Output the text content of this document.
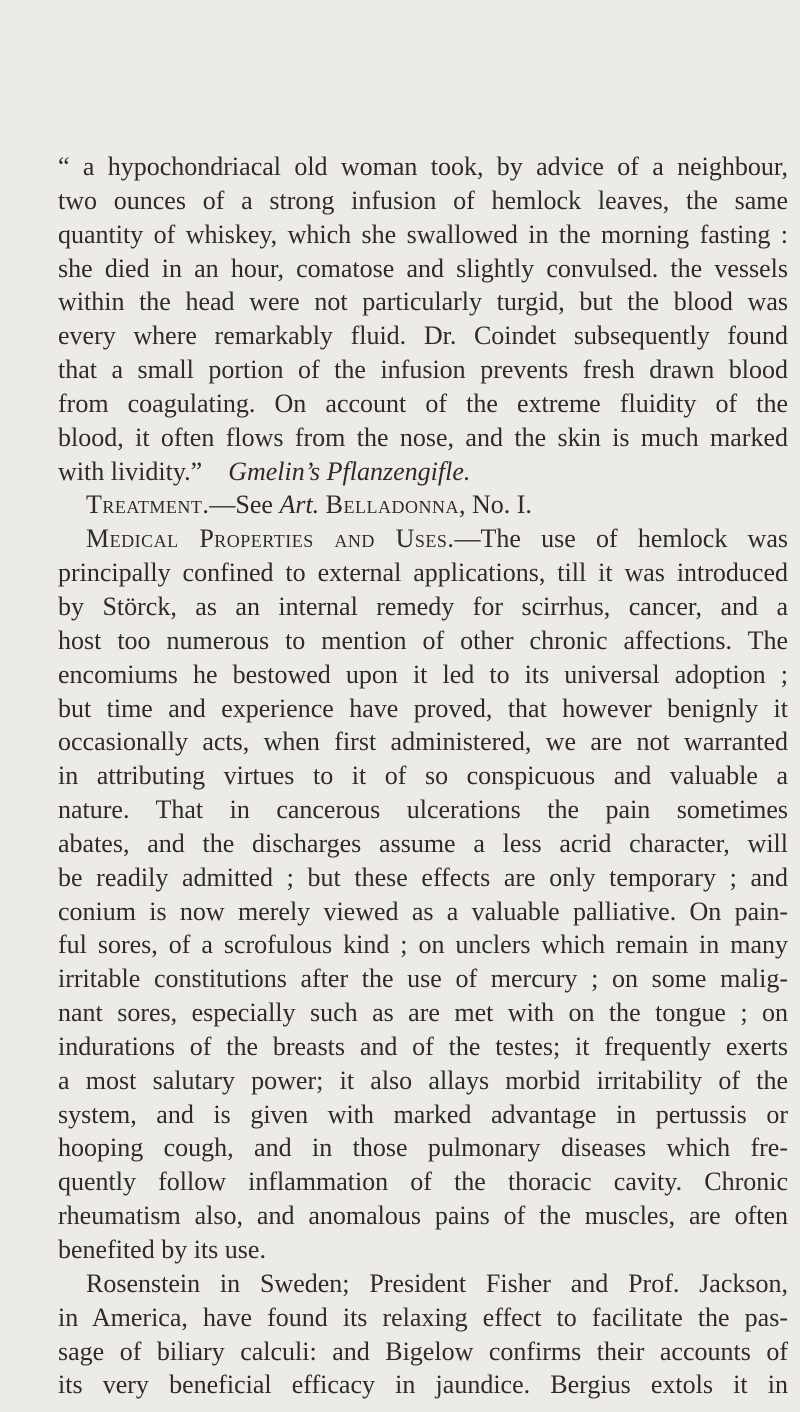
“ a hypochondriacal old woman took, by advice of a neighbour,
two ounces of a strong infusion of hemlock leaves, the same
quantity of whiskey, which she swallowed in the morning fasting :
she died in an hour, comatose and slightly convulsed. the vessels
within the head were not particularly turgid, but the blood was
every where remarkably fluid. Dr. Coindet subsequently found
that a small portion of the infusion prevents fresh drawn blood
from coagulating. On account of the extreme fluidity of the
blood, it often flows from the nose, and the skin is much marked
with lividity.” Gmelin’s Pflanzengifle.
Treatment.—See Art. Belladonna, No. I.
Medical Properties and Uses.—The use of hemlock was
principally confined to external applications, till it was introduced
by Störck, as an internal remedy for scirrhus, cancer, and a
host too numerous to mention of other chronic affections. The
encomiums he bestowed upon it led to its universal adoption ;
but time and experience have proved, that however benignly it
occasionally acts, when first administered, we are not warranted
in attributing virtues to it of so conspicuous and valuable a
nature. That in cancerous ulcerations the pain sometimes
abates, and the discharges assume a less acrid character, will
be readily admitted ; but these effects are only temporary ; and
conium is now merely viewed as a valuable palliative. On pain-
ful sores, of a scrofulous kind ; on unclers which remain in many
irritable constitutions after the use of mercury ; on some malig-
nant sores, especially such as are met with on the tongue ; on
indurations of the breasts and of the testes; it frequently exerts
a most salutary power; it also allays morbid irritability of the
system, and is given with marked advantage in pertussis or
hooping cough, and in those pulmonary diseases which fre-
quently follow inflammation of the thoracic cavity. Chronic
rheumatism also, and anomalous pains of the muscles, are often
benefited by its use.
Rosenstein in Sweden; President Fisher and Prof. Jackson,
in America, have found its relaxing effect to facilitate the pas-
sage of biliary calculi: and Bigelow confirms their accounts of
its very beneficial efficacy in jaundice. Bergius extols it in
